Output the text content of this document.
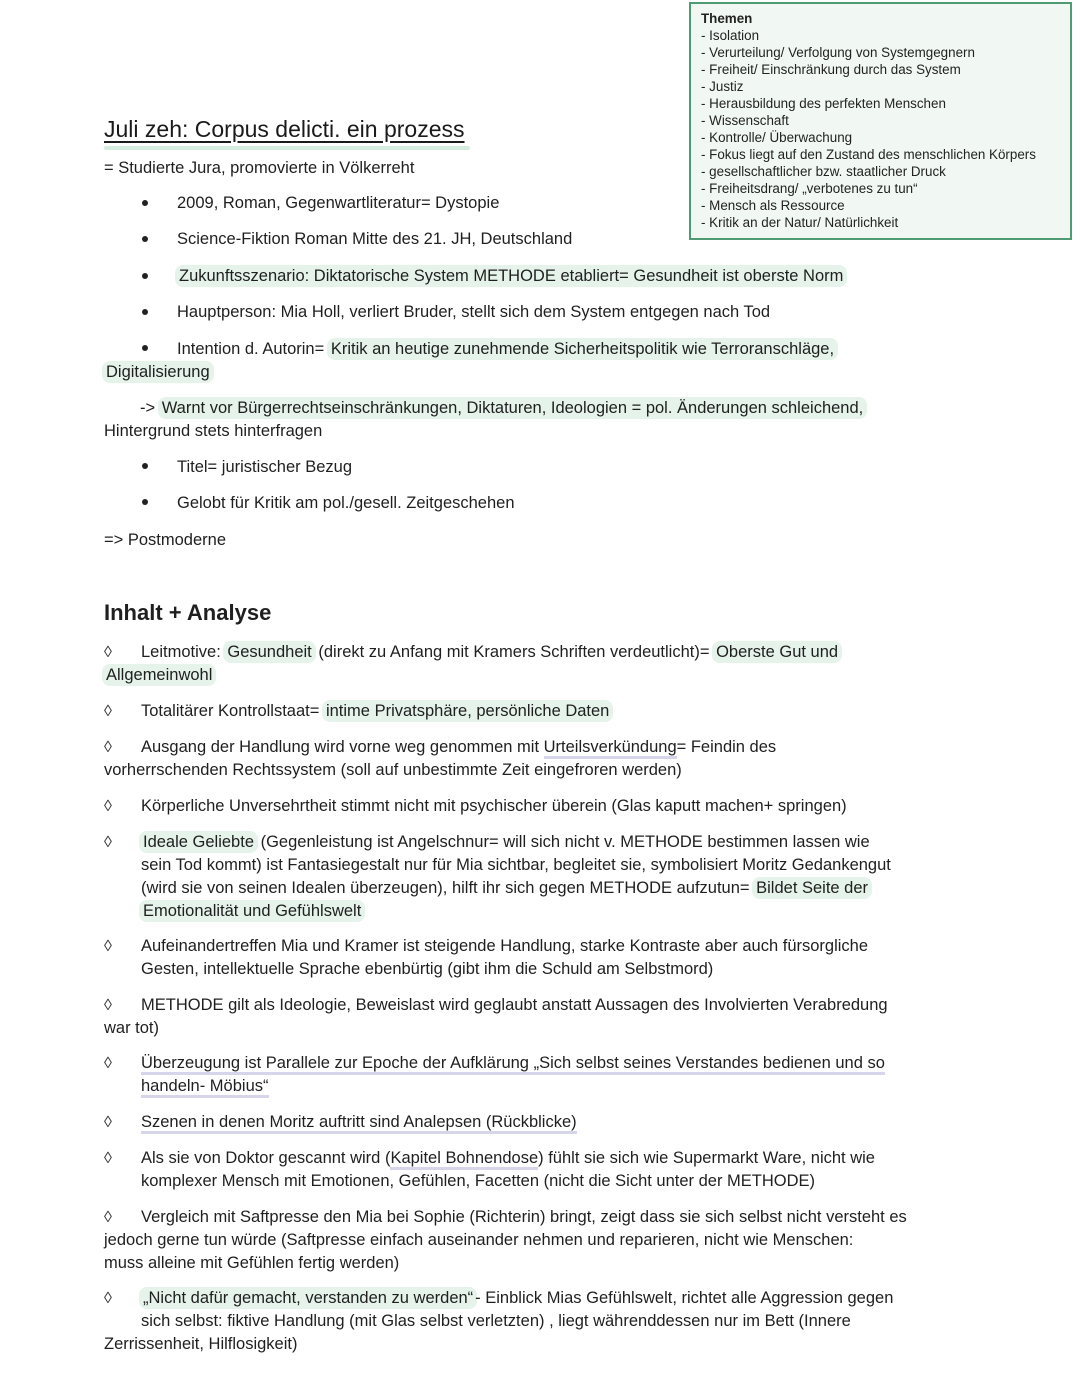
Themen
- Isolation
- Verurteilung/ Verfolgung von Systemgegnern
- Freiheit/ Einschränkung durch das System
- Justiz
- Herausbildung des perfekten Menschen
- Wissenschaft
- Kontrolle/ Überwachung
- Fokus liegt auf den Zustand des menschlichen Körpers
- gesellschaftlicher bzw. staatlicher Druck
- Freiheitsdrang/ „verbotenes zu tun“
- Mensch als Ressource
- Kritik an der Natur/ Natürlichkeit
Juli zeh: Corpus delicti. ein prozess
= Studierte Jura, promovierte in Völkerreht
2009, Roman, Gegenwartliteratur= Dystopie
Science-Fiktion Roman Mitte des 21. JH, Deutschland
Zukunftsszenario: Diktatorische System METHODE etabliert= Gesundheit ist oberste Norm
Hauptperson: Mia Holl, verliert Bruder, stellt sich dem System entgegen nach Tod
Intention d. Autorin= Kritik an heutige zunehmende Sicherheitspolitik wie Terroranschläge,
Digitalisierung
-> Warnt vor Bürgerrechtseinschränkungen, Diktaturen, Ideologien = pol. Änderungen schleichend,
Hintergrund stets hinterfragen
Titel= juristischer Bezug
Gelobt für Kritik am pol./gesell. Zeitgeschehen
=> Postmoderne
Inhalt + Analyse
◊ Leitmotive: Gesundheit (direkt zu Anfang mit Kramers Schriften verdeutlicht)= Oberste Gut und
Allgemeinwohl
◊ Totalitärer Kontrollstaat= intime Privatsphäre, persönliche Daten
◊ Ausgang der Handlung wird vorne weg genommen mit Urteilsverkündung= Feindin des
vorherrschenden Rechtssystem (soll auf unbestimmte Zeit eingefroren werden)
◊ Körperliche Unversehrtheit stimmt nicht mit psychischer überein (Glas kaputt machen+ springen)
◊ Ideale Geliebte (Gegenleistung ist Angelschnur= will sich nicht v. METHODE bestimmen lassen wie
sein Tod kommt) ist Fantasiegestalt nur für Mia sichtbar, begleitet sie, symbolisiert Moritz Gedankengut
(wird sie von seinen Idealen überzeugen), hilft ihr sich gegen METHODE aufzutun= Bildet Seite der
Emotionalität und Gefühlswelt
◊ Aufeinandertreffen Mia und Kramer ist steigende Handlung, starke Kontraste aber auch fürsorgliche
Gesten, intellektuelle Sprache ebenbürtig (gibt ihm die Schuld am Selbstmord)
◊ METHODE gilt als Ideologie, Beweislast wird geglaubt anstatt Aussagen des Involvierten Verabredung
war tot)
◊ Überzeugung ist Parallele zur Epoche der Aufklärung „Sich selbst seines Verstandes bedienen und so
handeln- Möbius“
◊ Szenen in denen Moritz auftritt sind Analepsen (Rückblicke)
◊ Als sie von Doktor gescannt wird (Kapitel Bohnendose) fühlt sie sich wie Supermarkt Ware, nicht wie
komplexer Mensch mit Emotionen, Gefühlen, Facetten (nicht die Sicht unter der METHODE)
◊ Vergleich mit Saftpresse den Mia bei Sophie (Richterin) bringt, zeigt dass sie sich selbst nicht versteht es
jedoch gerne tun würde (Saftpresse einfach auseinander nehmen und reparieren, nicht wie Menschen:
muss alleine mit Gefühlen fertig werden)
◊ „Nicht dafür gemacht, verstanden zu werden“ - Einblick Mias Gefühlswelt, richtet alle Aggression gegen
sich selbst: fiktive Handlung (mit Glas selbst verletzten) , liegt währenddessen nur im Bett (Innere
Zerrissenheit, Hilflosigkeit)
